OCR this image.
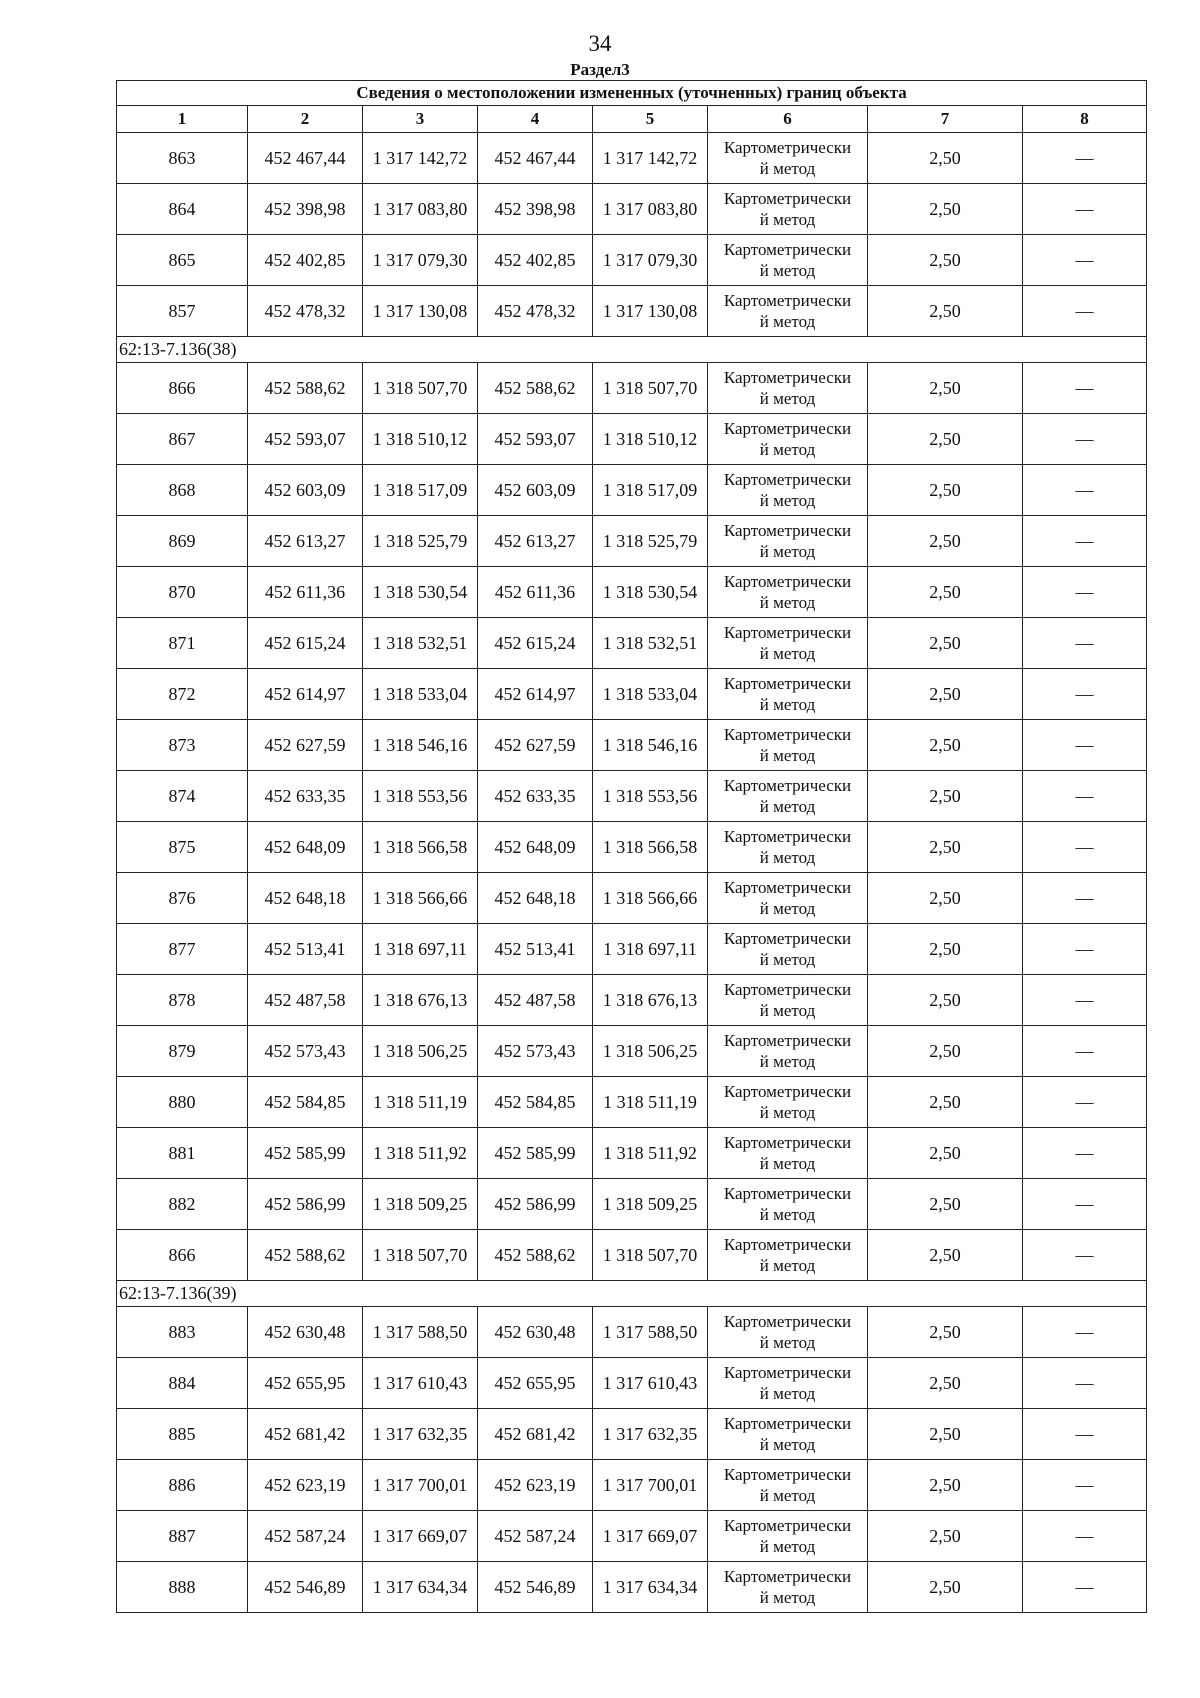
34
Раздел3
Сведения о местоположении измененных (уточненных) границ объекта							
1	2	3	4	5	6	7	8
863	452 467,44	1 317 142,72	452 467,44	1 317 142,72	Картометрически
й метод	2,50	—
864	452 398,98	1 317 083,80	452 398,98	1 317 083,80	Картометрически
й метод	2,50	—
865	452 402,85	1 317 079,30	452 402,85	1 317 079,30	Картометрически
й метод	2,50	—
857	452 478,32	1 317 130,08	452 478,32	1 317 130,08	Картометрически
й метод	2,50	—
62:13-7.136(38)							
866	452 588,62	1 318 507,70	452 588,62	1 318 507,70	Картометрически
й метод	2,50	—
867	452 593,07	1 318 510,12	452 593,07	1 318 510,12	Картометрически
й метод	2,50	—
868	452 603,09	1 318 517,09	452 603,09	1 318 517,09	Картометрически
й метод	2,50	—
869	452 613,27	1 318 525,79	452 613,27	1 318 525,79	Картометрически
й метод	2,50	—
870	452 611,36	1 318 530,54	452 611,36	1 318 530,54	Картометрически
й метод	2,50	—
871	452 615,24	1 318 532,51	452 615,24	1 318 532,51	Картометрически
й метод	2,50	—
872	452 614,97	1 318 533,04	452 614,97	1 318 533,04	Картометрически
й метод	2,50	—
873	452 627,59	1 318 546,16	452 627,59	1 318 546,16	Картометрически
й метод	2,50	—
874	452 633,35	1 318 553,56	452 633,35	1 318 553,56	Картометрически
й метод	2,50	—
875	452 648,09	1 318 566,58	452 648,09	1 318 566,58	Картометрически
й метод	2,50	—
876	452 648,18	1 318 566,66	452 648,18	1 318 566,66	Картометрически
й метод	2,50	—
877	452 513,41	1 318 697,11	452 513,41	1 318 697,11	Картометрически
й метод	2,50	—
878	452 487,58	1 318 676,13	452 487,58	1 318 676,13	Картометрически
й метод	2,50	—
879	452 573,43	1 318 506,25	452 573,43	1 318 506,25	Картометрически
й метод	2,50	—
880	452 584,85	1 318 511,19	452 584,85	1 318 511,19	Картометрически
й метод	2,50	—
881	452 585,99	1 318 511,92	452 585,99	1 318 511,92	Картометрически
й метод	2,50	—
882	452 586,99	1 318 509,25	452 586,99	1 318 509,25	Картометрически
й метод	2,50	—
866	452 588,62	1 318 507,70	452 588,62	1 318 507,70	Картометрически
й метод	2,50	—
62:13-7.136(39)							
883	452 630,48	1 317 588,50	452 630,48	1 317 588,50	Картометрически
й метод	2,50	—
884	452 655,95	1 317 610,43	452 655,95	1 317 610,43	Картометрически
й метод	2,50	—
885	452 681,42	1 317 632,35	452 681,42	1 317 632,35	Картометрически
й метод	2,50	—
886	452 623,19	1 317 700,01	452 623,19	1 317 700,01	Картометрически
й метод	2,50	—
887	452 587,24	1 317 669,07	452 587,24	1 317 669,07	Картометрически
й метод	2,50	—
888	452 546,89	1 317 634,34	452 546,89	1 317 634,34	Картометрически
й метод	2,50	—
